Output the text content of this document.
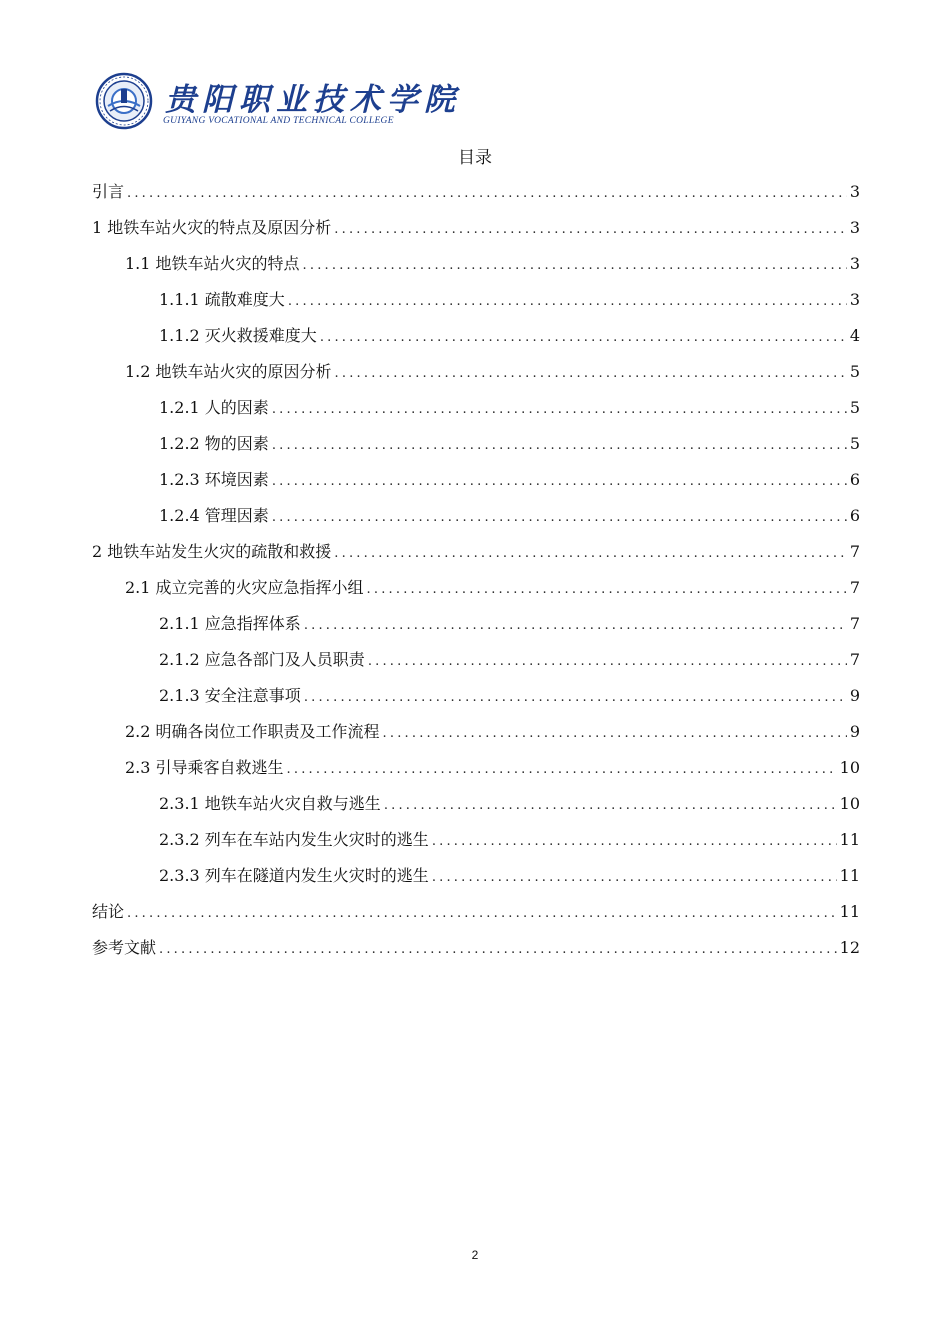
贵阳职业技术学院
GUIYANG VOCATIONAL AND TECHNICAL COLLEGE
目录
引言 .....	3
1 地铁车站火灾的特点及原因分析 .....	3
1.1 地铁车站火灾的特点 .....	3
1.1.1 疏散难度大 .....	3
1.1.2 灭火救援难度大 .....	4
1.2 地铁车站火灾的原因分析 .....	5
1.2.1 人的因素 .....	5
1.2.2 物的因素 .....	5
1.2.3 环境因素 .....	6
1.2.4 管理因素 .....	6
2 地铁车站发生火灾的疏散和救援 .....	7
2.1 成立完善的火灾应急指挥小组 .....	7
2.1.1 应急指挥体系 .....	7
2.1.2 应急各部门及人员职责 .....	7
2.1.3 安全注意事项 .....	9
2.2 明确各岗位工作职责及工作流程 .....	9
2.3 引导乘客自救逃生 .....	10
2.3.1 地铁车站火灾自救与逃生 .....	10
2.3.2 列车在车站内发生火灾时的逃生 .....	11
2.3.3 列车在隧道内发生火灾时的逃生 .....	11
结论 .....	11
参考文献 .....	12
2
